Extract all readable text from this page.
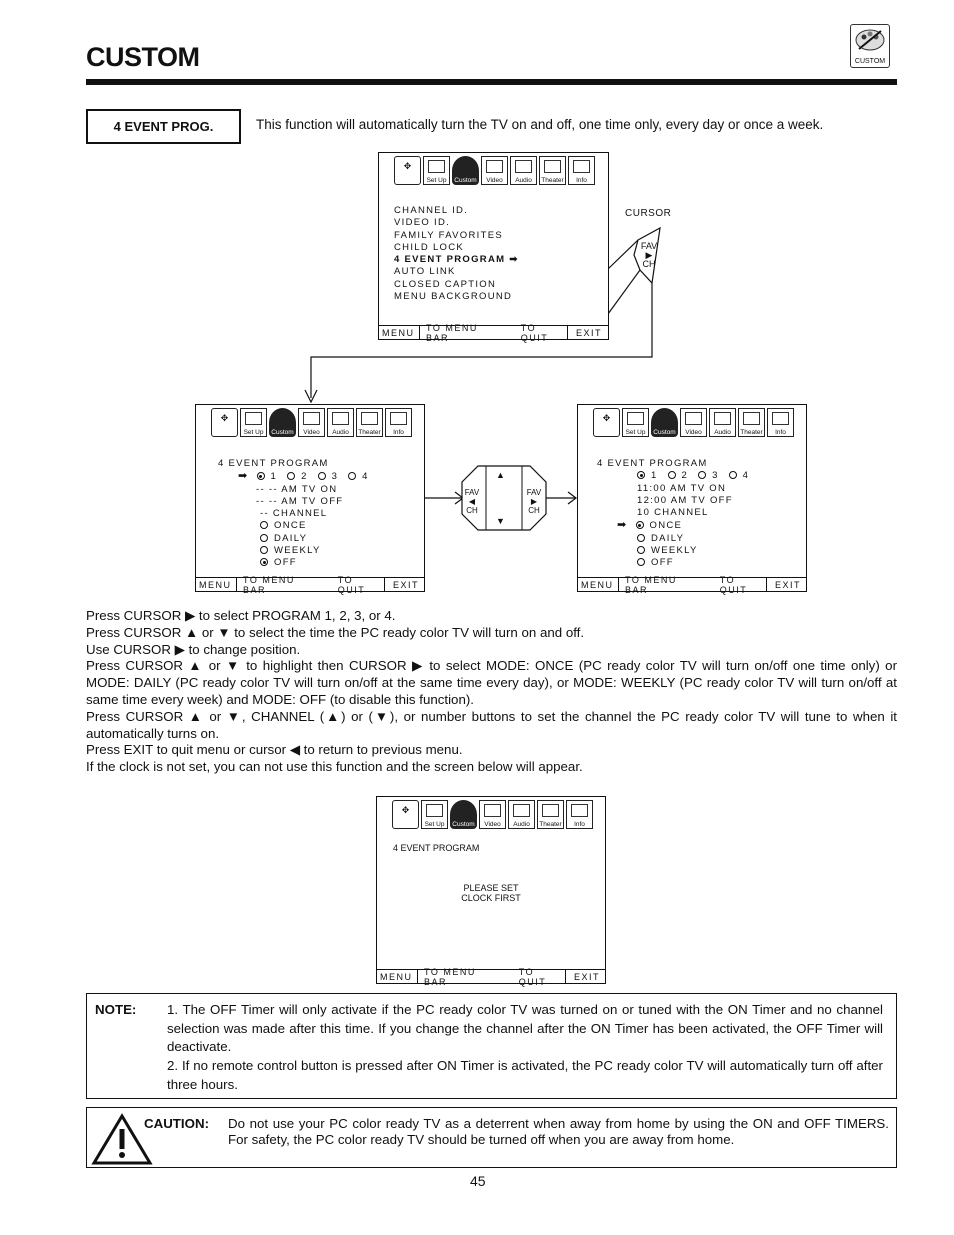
CUSTOM	CUSTOM
4 EVENT PROG.	This function will automatically turn the TV on and off, one time only, every day or once a week.
CURSOR
FAV
▶
CH
▲
▼
FAV
◀
CH
FAV
▶
CH
✥
Set Up	Custom	Video	Audio	Theater	Info
CHANNEL ID.
VIDEO ID.
FAMILY FAVORITES
CHILD LOCK
4 EVENT PROGRAM ➡
AUTO LINK
CLOSED CAPTION
MENU BACKGROUND
MENU	TO MENU BAR
TO QUIT	EXIT
✥
Set Up	Custom	Video	Audio	Theater	Info
4 EVENT PROGRAM
➡ 1	2	3	4
-- -- AM TV ON
-- -- AM TV OFF
-- CHANNEL
ONCE
DAILY
WEEKLY
OFF
MENU	TO MENU BAR
TO QUIT	EXIT
✥
Set Up	Custom	Video	Audio	Theater	Info
4 EVENT PROGRAM
1	2	3	4
11:00 AM TV ON
12:00 AM TV OFF
10 CHANNEL
➡ ONCE
DAILY
WEEKLY
OFF
MENU	TO MENU BAR
TO QUIT	EXIT
Press CURSOR ▶ to select PROGRAM 1, 2, 3, or 4.
Press CURSOR ▲ or ▼ to select the time the PC ready color TV will turn on and off.
Use CURSOR ▶ to change position.
Press CURSOR ▲ or ▼ to highlight then CURSOR ▶ to select MODE: ONCE (PC ready color TV will turn on/off one time only) or MODE: DAILY (PC ready color TV will turn on/off at the same time every day), or MODE: WEEKLY (PC ready color TV will turn on/off at same time every week) and MODE: OFF (to disable this function).
Press CURSOR ▲ or ▼, CHANNEL (▲) or (▼), or number buttons to set the channel the PC ready color TV will tune to when it automatically turns on.
Press EXIT to quit menu or cursor ◀ to return to previous menu.
If the clock is not set, you can not use this function and the screen below will appear.
✥
Set Up	Custom	Video	Audio	Theater	Info
4 EVENT PROGRAM
PLEASE SET
CLOCK FIRST
MENU	TO MENU BAR
TO QUIT	EXIT
NOTE: 1. The OFF Timer will only activate if the PC ready color TV was turned on or tuned with the ON Timer and no channel selection was made after this time. If you change the channel after the ON Timer has been activated, the OFF Timer will deactivate.
2. If no remote control button is pressed after ON Timer is activated, the PC ready color TV will automatically turn off after three hours.
CAUTION: Do not use your PC color ready TV as a deterrent when away from home by using the ON and OFF TIMERS. For safety, the PC color ready TV should be turned off when you are away from home.
45
